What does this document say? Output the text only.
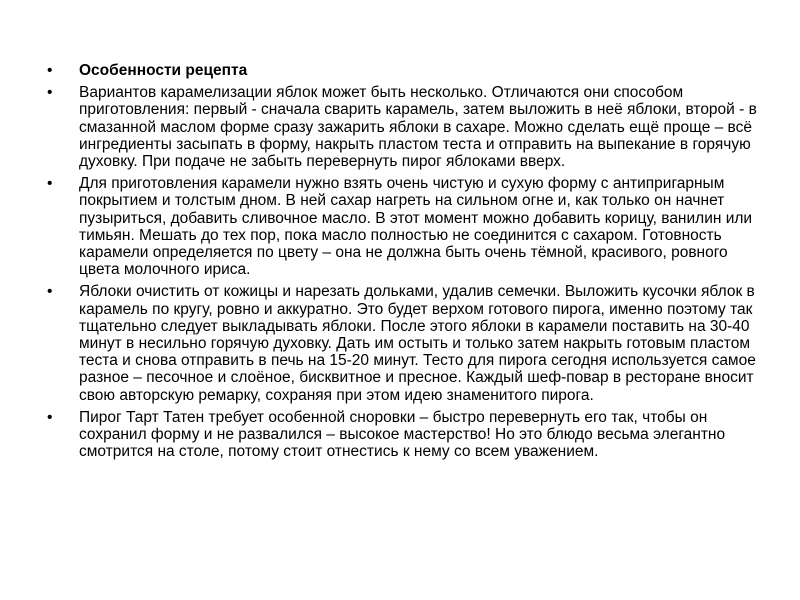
• Особенности рецепта
• Вариантов карамелизации яблок может быть несколько. Отличаются они способом приготовления: первый - сначала сварить карамель, затем выложить в неё яблоки, второй - в смазанной маслом форме сразу зажарить яблоки в сахаре. Можно сделать ещё проще – всё ингредиенты засыпать в форму, накрыть пластом теста и отправить на выпекание в горячую духовку. При подаче не забыть перевернуть пирог яблоками вверх.
• Для приготовления карамели нужно взять очень чистую и сухую форму с антипригарным покрытием и толстым дном. В ней сахар нагреть на сильном огне и, как только он начнет пузыриться, добавить сливочное масло. В этот момент можно добавить корицу, ванилин или тимьян. Мешать до тех пор, пока масло полностью не соединится с сахаром. Готовность карамели определяется по цвету – она не должна быть очень тёмной, красивого, ровного цвета молочного ириса.
• Яблоки очистить от кожицы и нарезать дольками, удалив семечки. Выложить кусочки яблок в карамель по кругу, ровно и аккуратно. Это будет верхом готового пирога, именно поэтому так тщательно следует выкладывать яблоки. После этого яблоки в карамели поставить на 30-40 минут в несильно горячую духовку. Дать им остыть и только затем накрыть готовым пластом теста и снова отправить в печь на 15-20 минут. Тесто для пирога сегодня используется самое разное – песочное и слоёное, бисквитное и пресное. Каждый шеф-повар в ресторане вносит свою авторскую ремарку, сохраняя при этом идею знаменитого пирога.
• Пирог Тарт Татен требует особенной сноровки – быстро перевернуть его так, чтобы он сохранил форму и не развалился – высокое мастерство! Но это блюдо весьма элегантно смотрится на столе, потому стоит отнестись к нему со всем уважением.
